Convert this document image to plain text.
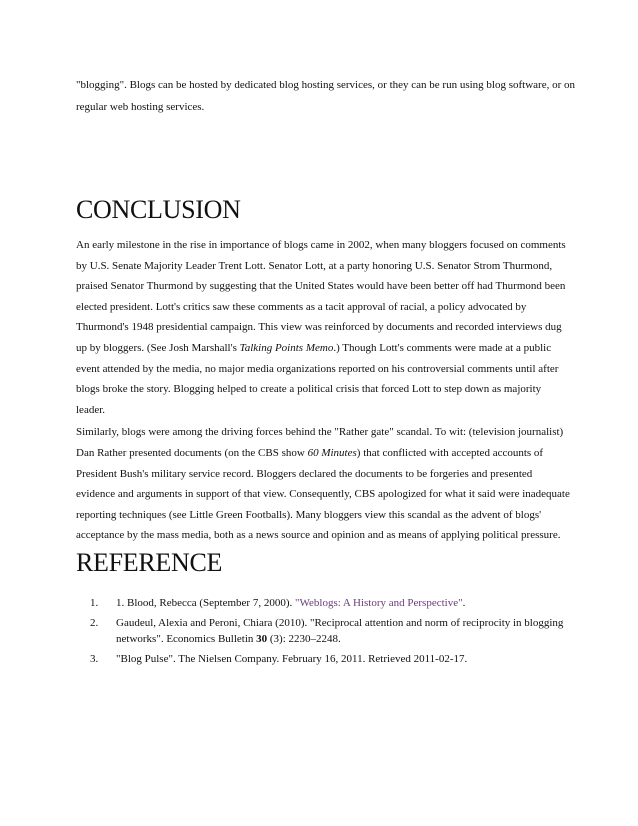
"blogging". Blogs can be hosted by dedicated blog hosting services, or they can be run using blog software, or on regular web hosting services.

CONCLUSION

An early milestone in the rise in importance of blogs came in 2002, when many bloggers focused on comments by U.S. Senate Majority Leader Trent Lott. Senator Lott, at a party honoring U.S. Senator Strom Thurmond, praised Senator Thurmond by suggesting that the United States would have been better off had Thurmond been elected president. Lott's critics saw these comments as a tacit approval of racial, a policy advocated by Thurmond's 1948 presidential campaign. This view was reinforced by documents and recorded interviews dug up by bloggers. (See Josh Marshall's Talking Points Memo.) Though Lott's comments were made at a public event attended by the media, no major media organizations reported on his controversial comments until after blogs broke the story. Blogging helped to create a political crisis that forced Lott to step down as majority leader.

Similarly, blogs were among the driving forces behind the "Rather gate" scandal. To wit: (television journalist) Dan Rather presented documents (on the CBS show 60 Minutes) that conflicted with accepted accounts of President Bush's military service record. Bloggers declared the documents to be forgeries and presented evidence and arguments in support of that view. Consequently, CBS apologized for what it said were inadequate reporting techniques (see Little Green Footballs). Many bloggers view this scandal as the advent of blogs' acceptance by the mass media, both as a news source and opinion and as means of applying political pressure.

REFERENCE
1. 1. Blood, Rebecca (September 7, 2000). "Weblogs: A History and Perspective".
2. Gaudeul, Alexia and Peroni, Chiara (2010). "Reciprocal attention and norm of reciprocity in blogging networks". Economics Bulletin 30 (3): 2230–2248.
3. "Blog Pulse". The Nielsen Company. February 16, 2011. Retrieved 2011-02-17.
